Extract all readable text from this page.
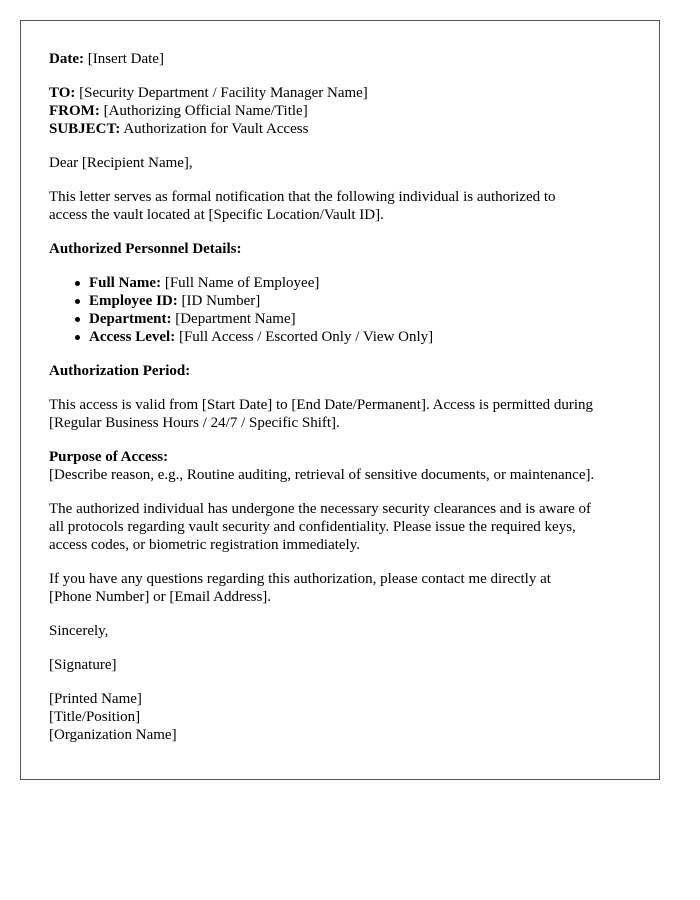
Date: [Insert Date]
TO: [Security Department / Facility Manager Name]
FROM: [Authorizing Official Name/Title]
SUBJECT: Authorization for Vault Access
Dear [Recipient Name],
This letter serves as formal notification that the following individual is authorized to
access the vault located at [Specific Location/Vault ID].
Authorized Personnel Details:
Full Name: [Full Name of Employee]
Employee ID: [ID Number]
Department: [Department Name]
Access Level: [Full Access / Escorted Only / View Only]
Authorization Period:
This access is valid from [Start Date] to [End Date/Permanent]. Access is permitted during
[Regular Business Hours / 24/7 / Specific Shift].
Purpose of Access:
[Describe reason, e.g., Routine auditing, retrieval of sensitive documents, or maintenance].
The authorized individual has undergone the necessary security clearances and is aware of
all protocols regarding vault security and confidentiality. Please issue the required keys,
access codes, or biometric registration immediately.
If you have any questions regarding this authorization, please contact me directly at
[Phone Number] or [Email Address].
Sincerely,
[Signature]
[Printed Name]
[Title/Position]
[Organization Name]
